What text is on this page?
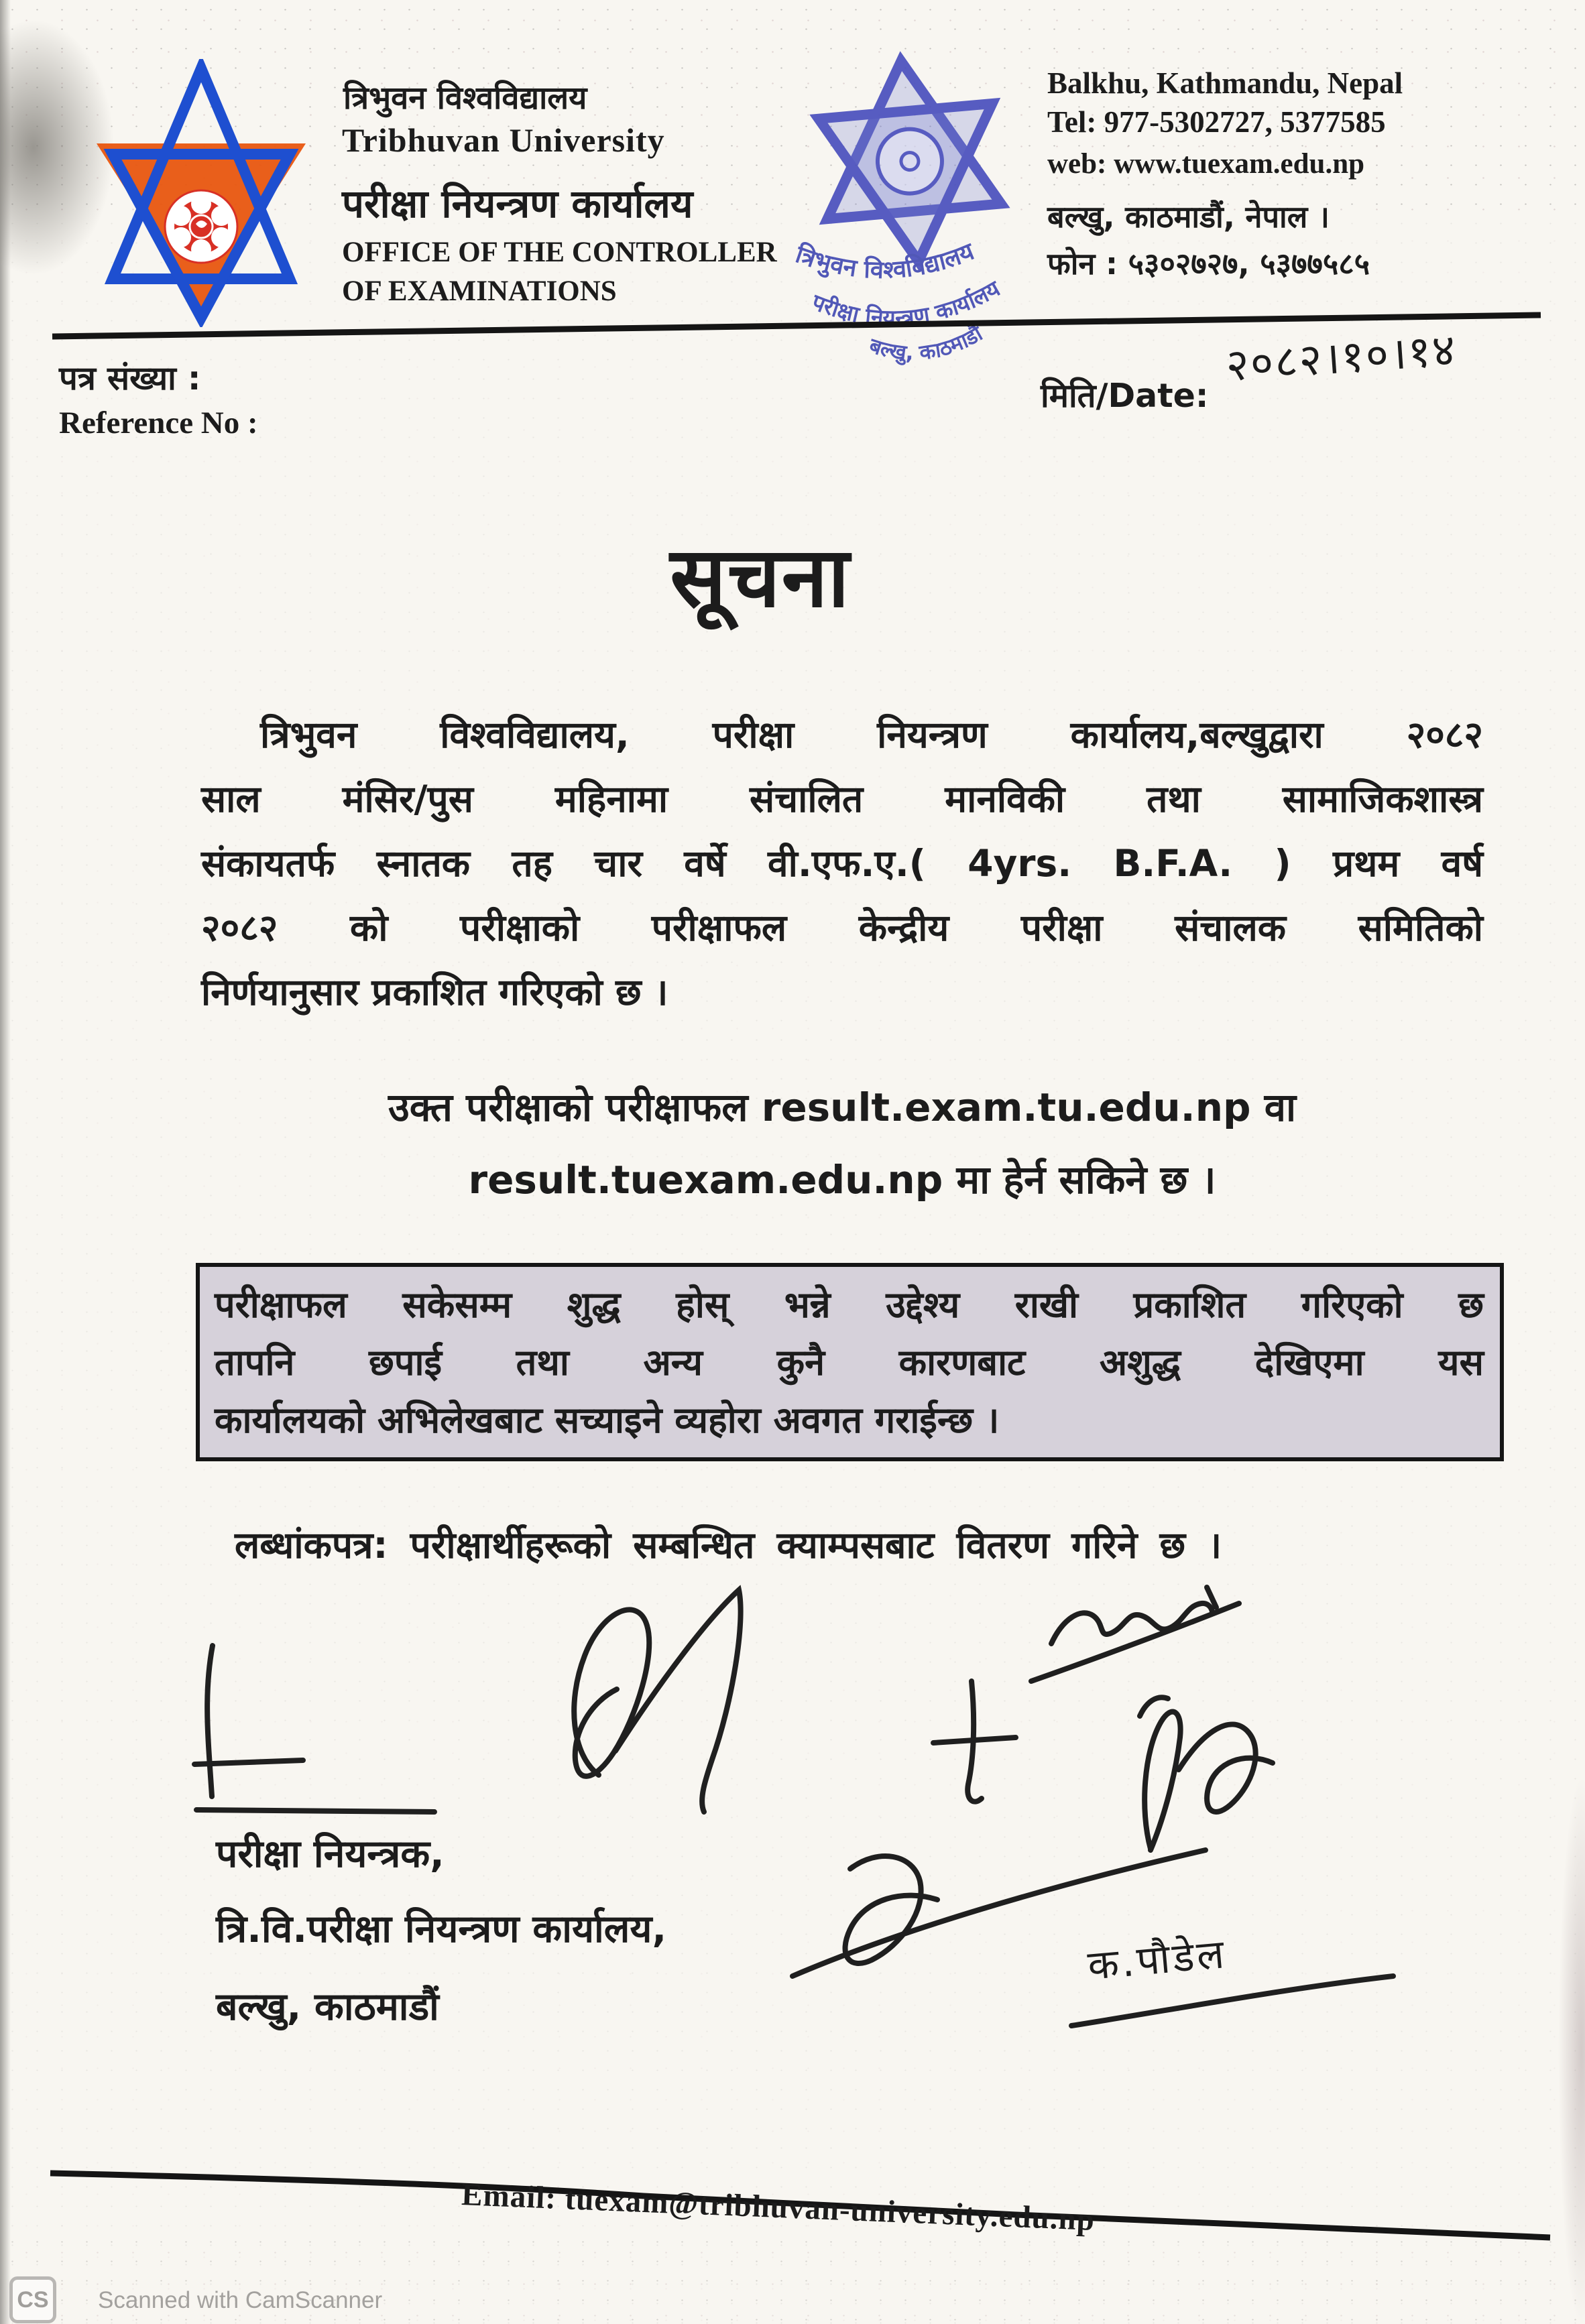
त्रिभुवन विश्वविद्यालय
Tribhuvan University
परीक्षा नियन्त्रण कार्यालय
OFFICE OF THE CONTROLLER
OF EXAMINATIONS
Balkhu, Kathmandu, Nepal
Tel: 977-5302727, 5377585
web: www.tuexam.edu.np
बल्खु, काठमाडौं, नेपाल ।
फोन : ५३०२७२७, ५३७७५८५
त्रिभुवन विश्वविद्यालय
परीक्षा नियन्त्रण कार्यालय
बल्खु, काठमाडौं
पत्र संख्या :
Reference No :
मिति/Date:
२०८२।१०।१४
सूचना
त्रिभुवन विश्वविद्यालय, परीक्षा नियन्त्रण कार्यालय,बल्खुद्वारा २०८२
साल मंसिर/पुस महिनामा संचालित मानविकी तथा सामाजिकशास्त्र
संकायतर्फ स्नातक तह चार वर्षे वी.एफ.ए.( 4yrs. B.F.A. ) प्रथम वर्ष
२०८२ को परीक्षाको परीक्षाफल केन्द्रीय परीक्षा संचालक समितिको
निर्णयानुसार प्रकाशित गरिएको छ ।
उक्त परीक्षाको परीक्षाफल result.exam.tu.edu.np वा
result.tuexam.edu.np मा हेर्न सकिने छ ।
परीक्षाफल सकेसम्म शुद्ध होस् भन्ने उद्देश्य राखी प्रकाशित गरिएको छ
तापनि छपाई तथा अन्य कुनै कारणबाट अशुद्ध देखिएमा यस
कार्यालयको अभिलेखबाट सच्याइने व्यहोरा अवगत गराईन्छ ।
लब्धांकपत्र: परीक्षार्थीहरूको सम्बन्धित क्याम्पसबाट वितरण गरिने छ ।
क.पौडेल
परीक्षा नियन्त्रक,
त्रि.वि.परीक्षा नियन्त्रण कार्यालय,
बल्खु, काठमाडौं
Email: tuexam@tribhuvan-university.edu.np
CS	Scanned with CamScanner
